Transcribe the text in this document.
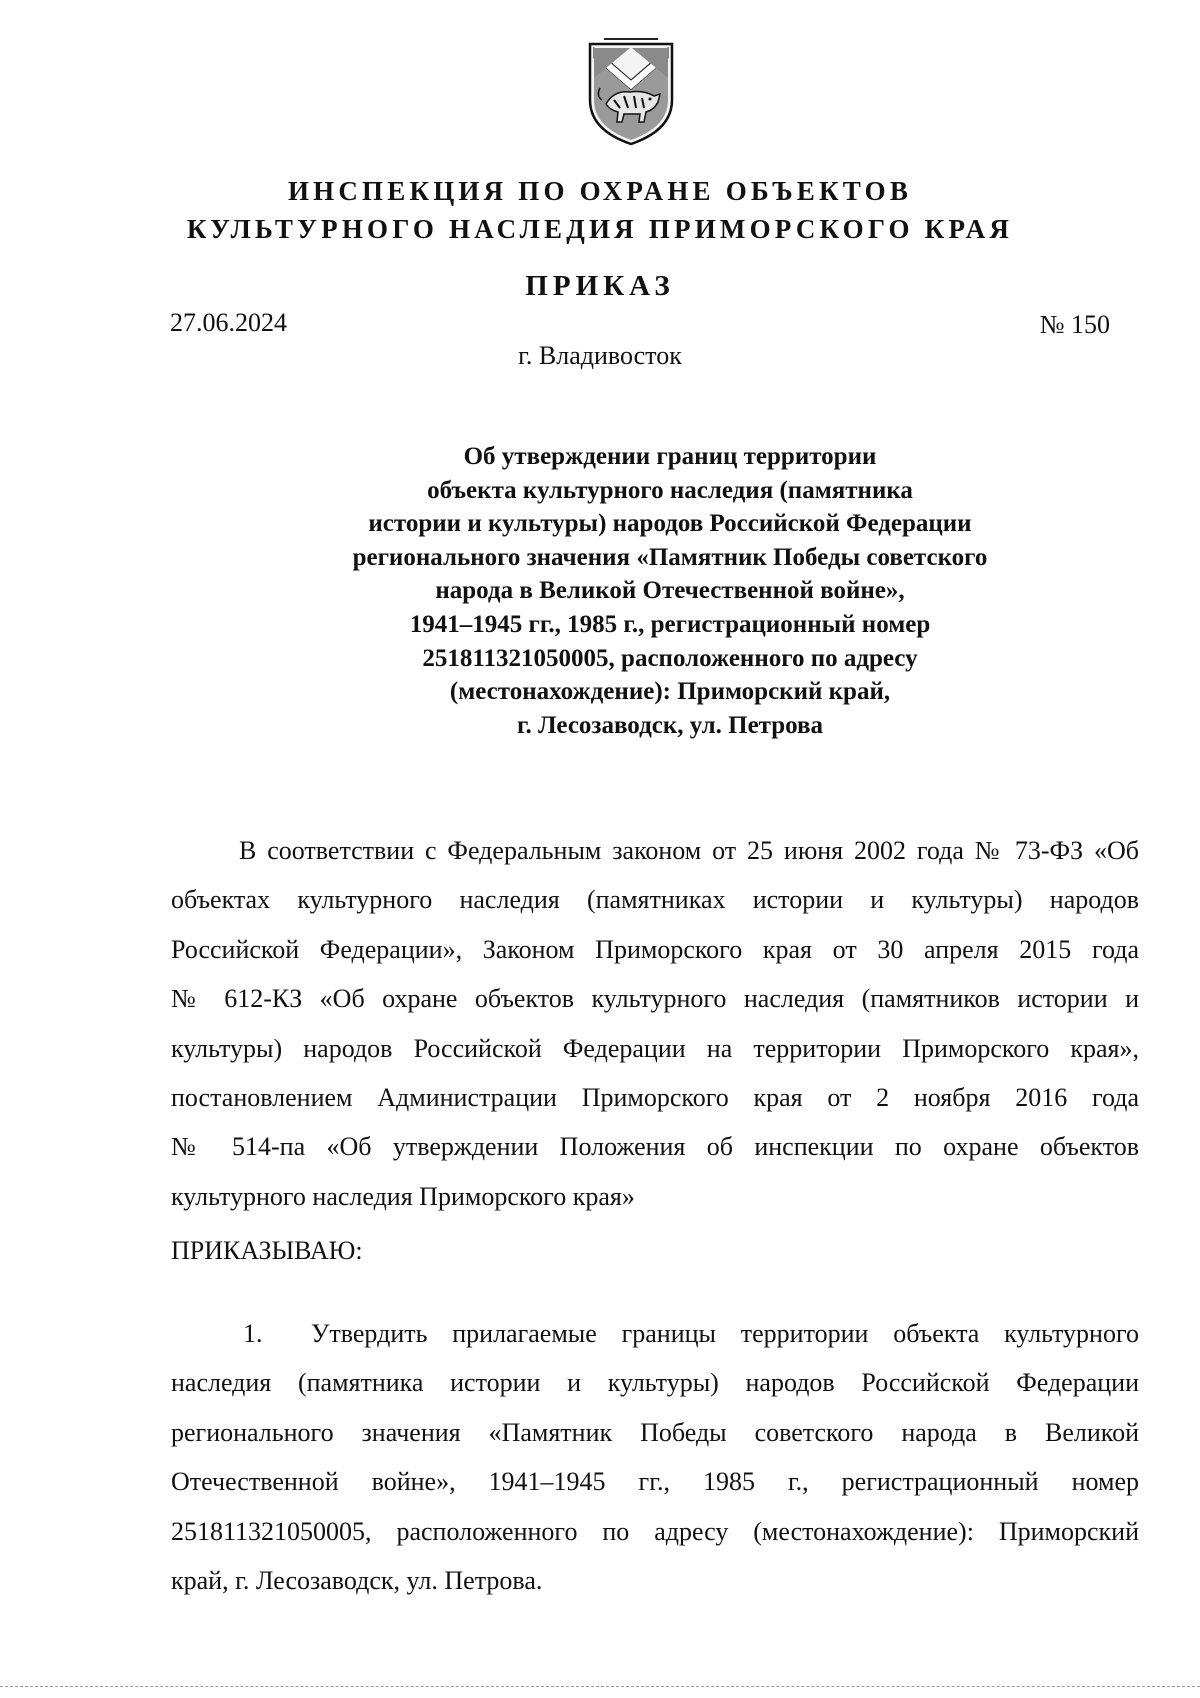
ИНСПЕКЦИЯ ПО ОХРАНЕ ОБЪЕКТОВ
КУЛЬТУРНОГО НАСЛЕДИЯ ПРИМОРСКОГО КРАЯ
ПРИКАЗ
27.06.2024	№ 150
г. Владивосток
Об утверждении границ территории
объекта культурного наследия (памятника
истории и культуры) народов Российской Федерации
регионального значения «Памятник Победы советского
народа в Великой Отечественной войне»,
1941–1945 гг., 1985 г., регистрационный номер
251811321050005, расположенного по адресу
(местонахождение): Приморский край,
г. Лесозаводск, ул. Петрова
В соответствии с Федеральным законом от 25 июня 2002 года № 73-ФЗ «Об
объектах культурного наследия (памятниках истории и культуры) народов
Российской Федерации», Законом Приморского края от 30 апреля 2015 года
№ 612-КЗ «Об охране объектов культурного наследия (памятников истории и
культуры) народов Российской Федерации на территории Приморского края»,
постановлением Администрации Приморского края от 2 ноября 2016 года
№ 514-па «Об утверждении Положения об инспекции по охране объектов
культурного наследия Приморского края»
ПРИКАЗЫВАЮ:
1. Утвердить прилагаемые границы территории объекта культурного
наследия (памятника истории и культуры) народов Российской Федерации
регионального значения «Памятник Победы советского народа в Великой
Отечественной войне», 1941–1945 гг., 1985 г., регистрационный номер
251811321050005, расположенного по адресу (местонахождение): Приморский
край, г. Лесозаводск, ул. Петрова.
